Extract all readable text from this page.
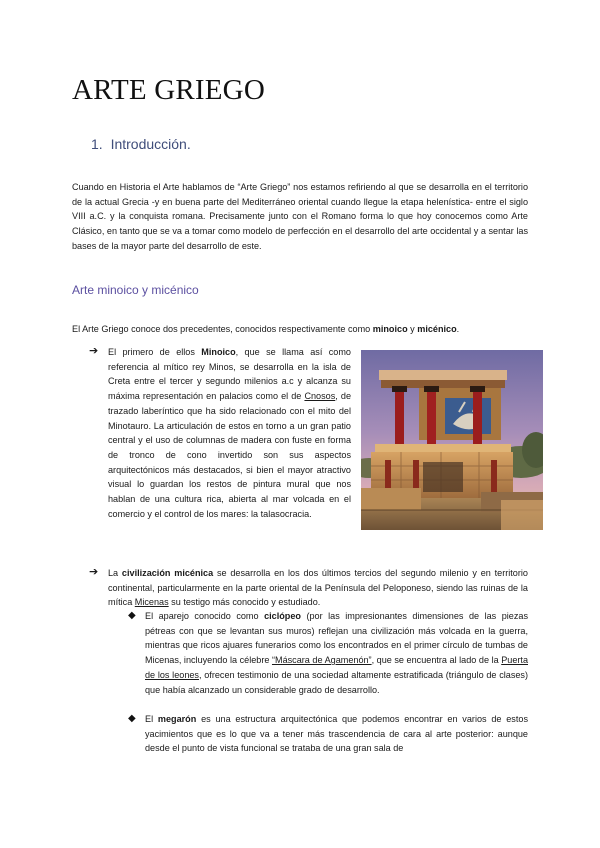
ARTE GRIEGO
1. Introducción.

Cuando en Historia el Arte hablamos de “Arte Griego” nos estamos refiriendo al que se desarrolla en el territorio de la actual Grecia -y en buena parte del Mediterráneo oriental cuando llegue la etapa helenística- entre el siglo VIII a.C. y la conquista romana. Precisamente junto con el Romano forma lo que hoy conocemos como Arte Clásico, en tanto que se va a tomar como modelo de perfección en el desarrollo del arte occidental y a sentar las bases de la mayor parte del desarrollo de este.

Arte minoico y micénico

El Arte Griego conoce dos precedentes, conocidos respectivamente como minoico y micénico.

➔ El primero de ellos Minoico, que se llama así como referencia al mítico rey Minos, se desarrolla en la isla de Creta entre el tercer y segundo milenios a.c y alcanza su máxima representación en palacios como el de Cnosos, de trazado laberíntico que ha sido relacionado con el mito del Minotauro. La articulación de estos en torno a un gran patio central y el uso de columnas de madera con fuste en forma de tronco de cono invertido son sus aspectos arquitectónicos más destacados, si bien el mayor atractivo visual lo guardan los restos de pintura mural que nos hablan de una cultura rica, abierta al mar volcada en el comercio y el control de los mares: la talasocracia.

➔ La civilización micénica se desarrolla en los dos últimos tercios del segundo milenio y en territorio continental, particularmente en la parte oriental de la Península del Peloponeso, siendo las ruinas de la mítica Micenas su testigo más conocido y estudiado.

◆ El aparejo conocido como ciclópeo (por las impresionantes dimensiones de las piezas pétreas con que se levantan sus muros) reflejan una civilización más volcada en la guerra, mientras que ricos ajuares funerarios como los encontrados en el primer círculo de tumbas de Micenas, incluyendo la célebre “Máscara de Agamenón”, que se encuentra al lado de la Puerta de los leones, ofrecen testimonio de una sociedad altamente estratificada (triángulo de clases) que había alcanzado un considerable grado de desarrollo.

◆ El megarón es una estructura arquitectónica que podemos encontrar en varios de estos yacimientos que es lo que va a tener más trascendencia de cara al arte posterior: aunque desde el punto de vista funcional se trataba de una gran sala de
